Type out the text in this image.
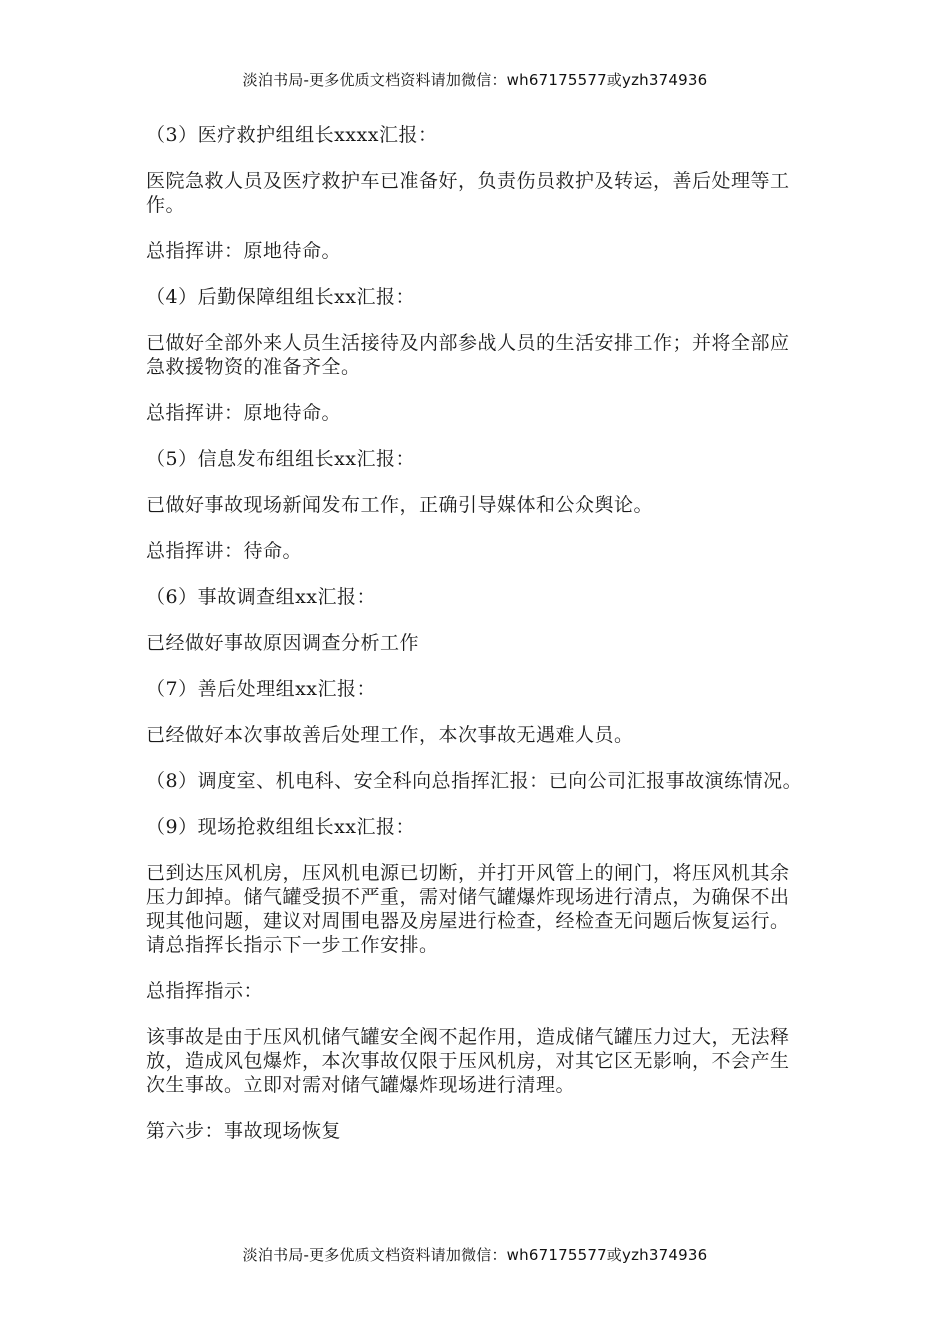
淡泊书局-更多优质文档资料请加微信：wh67175577或yzh374936

（3）医疗救护组组长xxxx汇报：

医院急救人员及医疗救护车已准备好，负责伤员救护及转运，善后处理等工作。

总指挥讲：原地待命。

（4）后勤保障组组长xx汇报：

已做好全部外来人员生活接待及内部参战人员的生活安排工作；并将全部应急救援物资的准备齐全。

总指挥讲：原地待命。

（5）信息发布组组长xx汇报：

已做好事故现场新闻发布工作，正确引导媒体和公众舆论。

总指挥讲：待命。

（6）事故调查组xx汇报：

已经做好事故原因调查分析工作

（7）善后处理组xx汇报：

已经做好本次事故善后处理工作，本次事故无遇难人员。

（8）调度室、机电科、安全科向总指挥汇报：已向公司汇报事故演练情况。

（9）现场抢救组组长xx汇报：

已到达压风机房，压风机电源已切断，并打开风管上的闸门，将压风机其余压力卸掉。储气罐受损不严重，需对储气罐爆炸现场进行清点，为确保不出现其他问题，建议对周围电器及房屋进行检查，经检查无问题后恢复运行。请总指挥长指示下一步工作安排。

总指挥指示：

该事故是由于压风机储气罐安全阀不起作用，造成储气罐压力过大，无法释放，造成风包爆炸，本次事故仅限于压风机房，对其它区无影响，不会产生次生事故。立即对需对储气罐爆炸现场进行清理。

第六步：事故现场恢复

淡泊书局-更多优质文档资料请加微信：wh67175577或yzh374936
